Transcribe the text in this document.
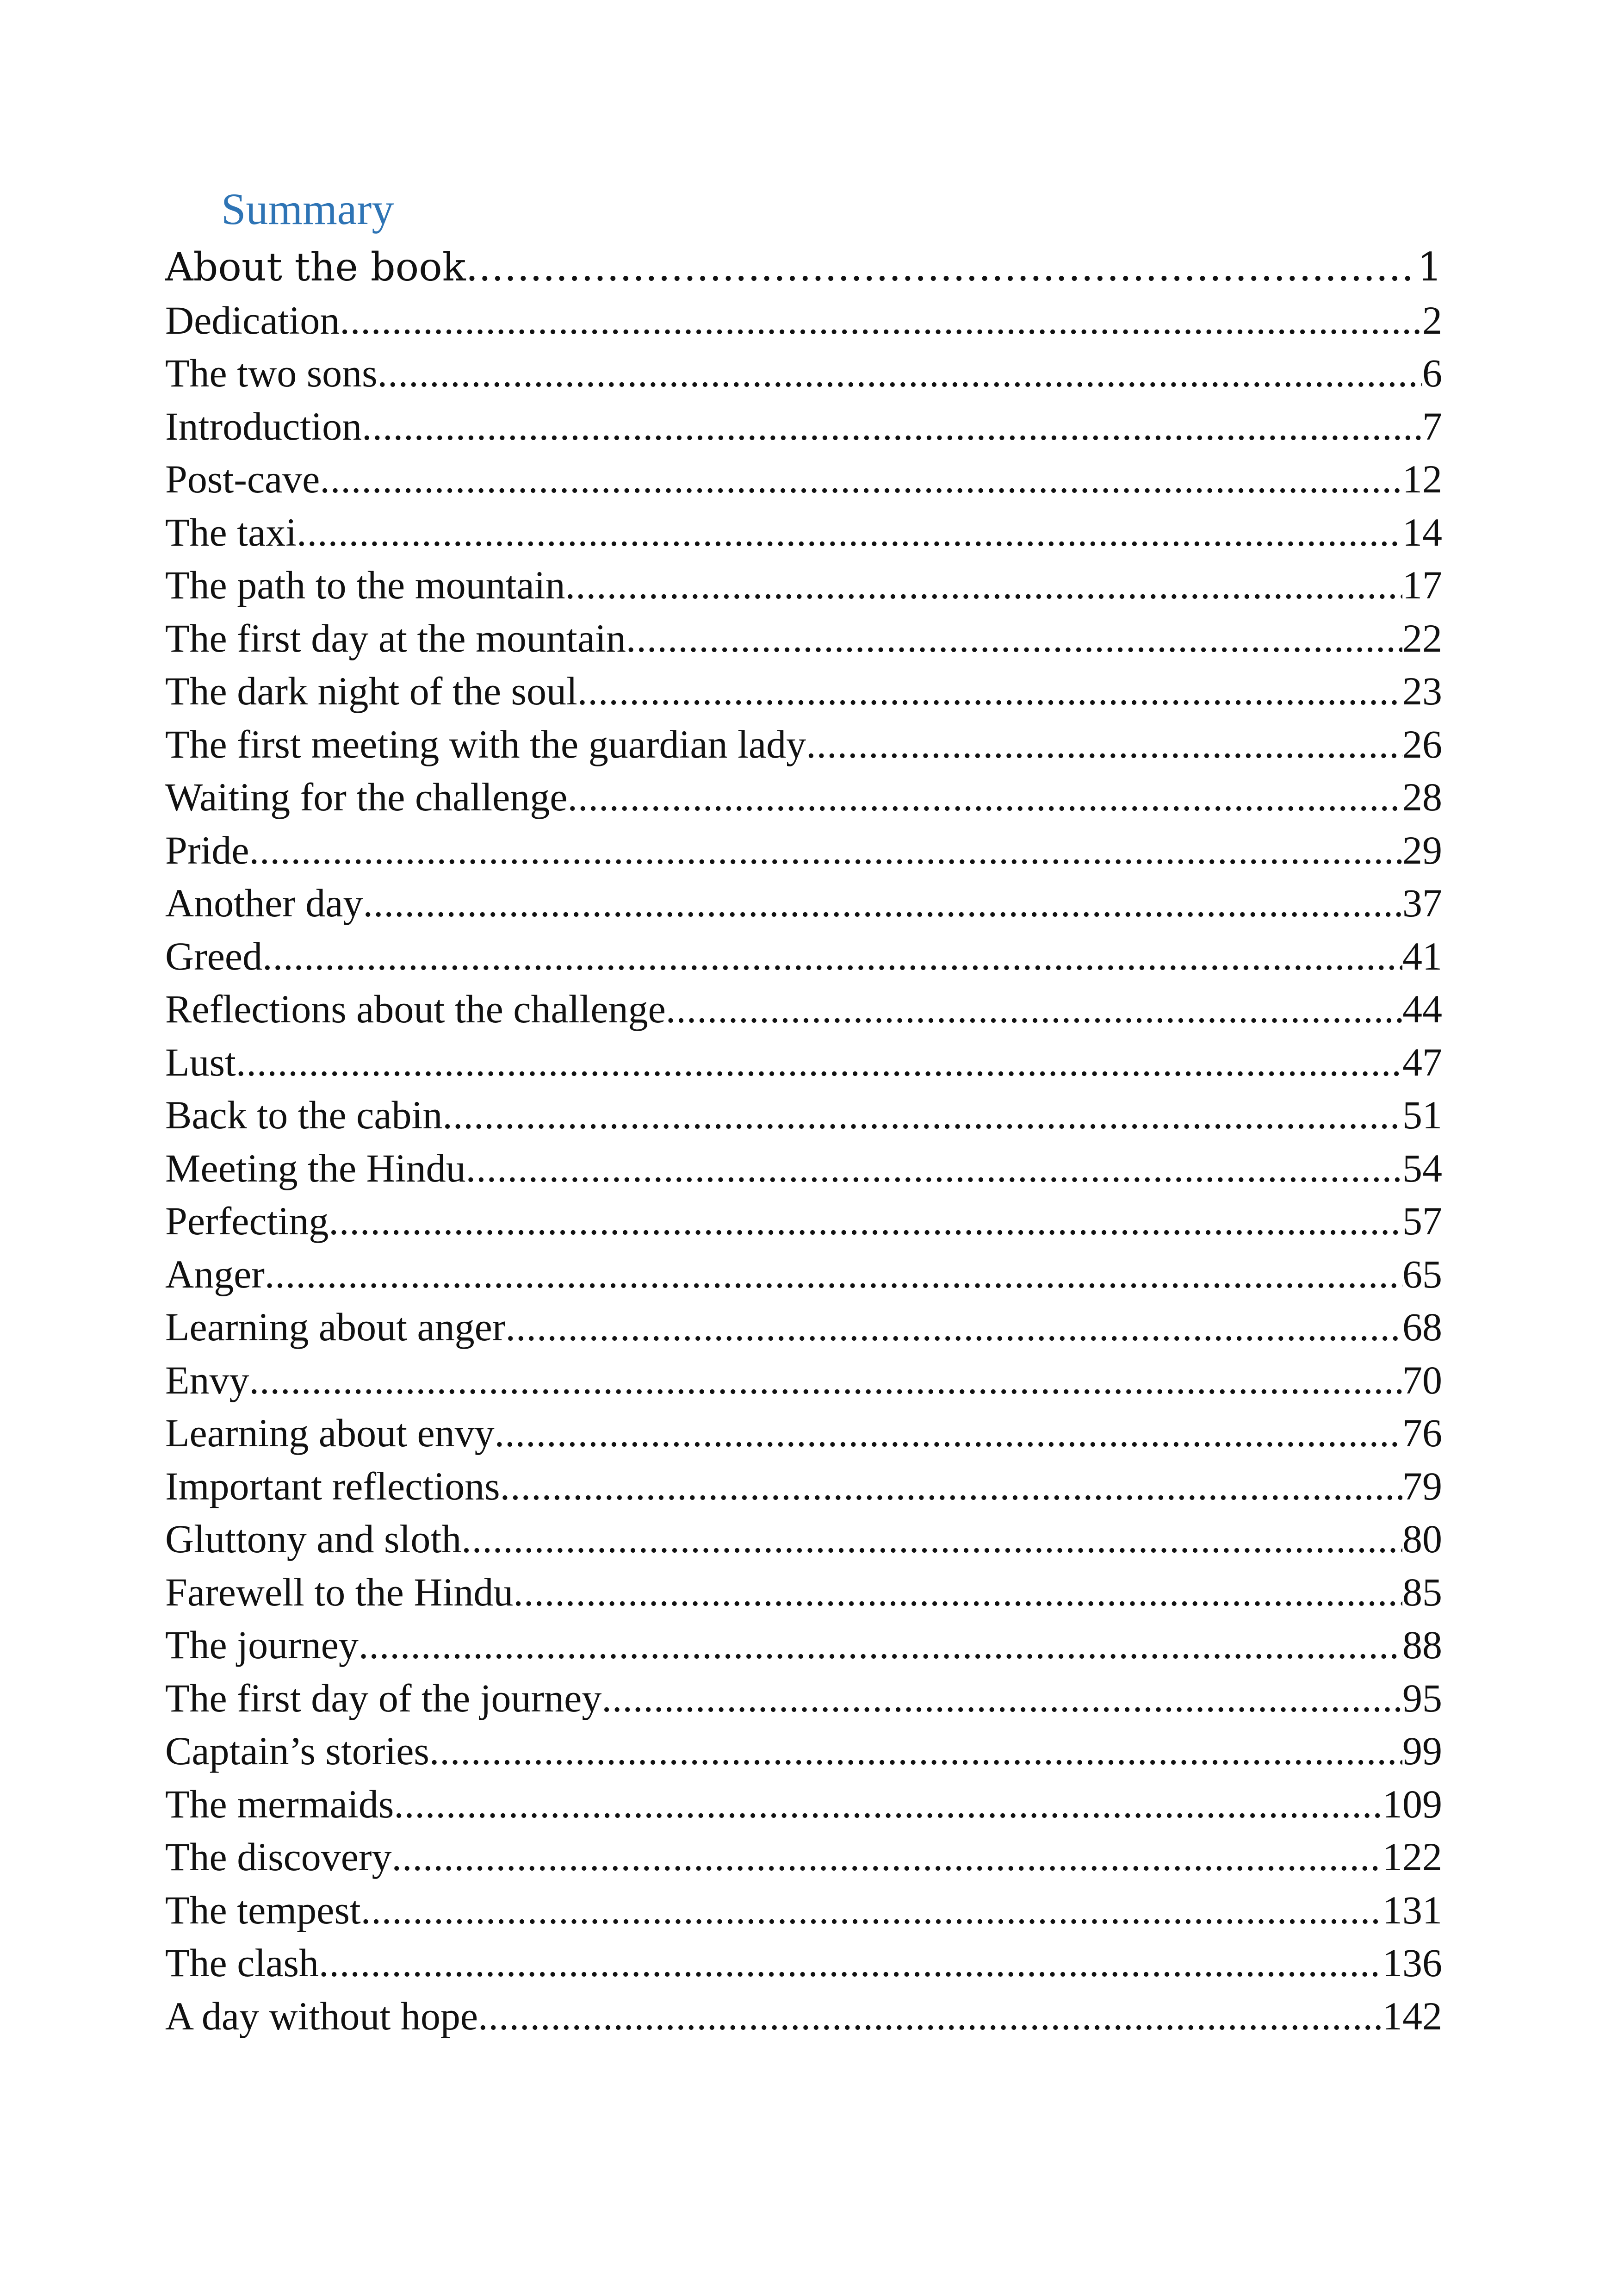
Summary
About the book .....	1
Dedication .....	2
The two sons .....	6
Introduction .....	7
Post-cave .....	12
The taxi .....	14
The path to the mountain .....	17
The first day at the mountain .....	22
The dark night of the soul .....	23
The first meeting with the guardian lady .....	26
Waiting for the challenge .....	28
Pride .....	29
Another day .....	37
Greed .....	41
Reflections about the challenge .....	44
Lust .....	47
Back to the cabin .....	51
Meeting the Hindu .....	54
Perfecting .....	57
Anger .....	65
Learning about anger .....	68
Envy .....	70
Learning about envy .....	76
Important reflections .....	79
Gluttony and sloth .....	80
Farewell to the Hindu .....	85
The journey .....	88
The first day of the journey .....	95
Captain’s stories .....	99
The mermaids .....	109
The discovery .....	122
The tempest .....	131
The clash .....	136
A day without hope .....	142
